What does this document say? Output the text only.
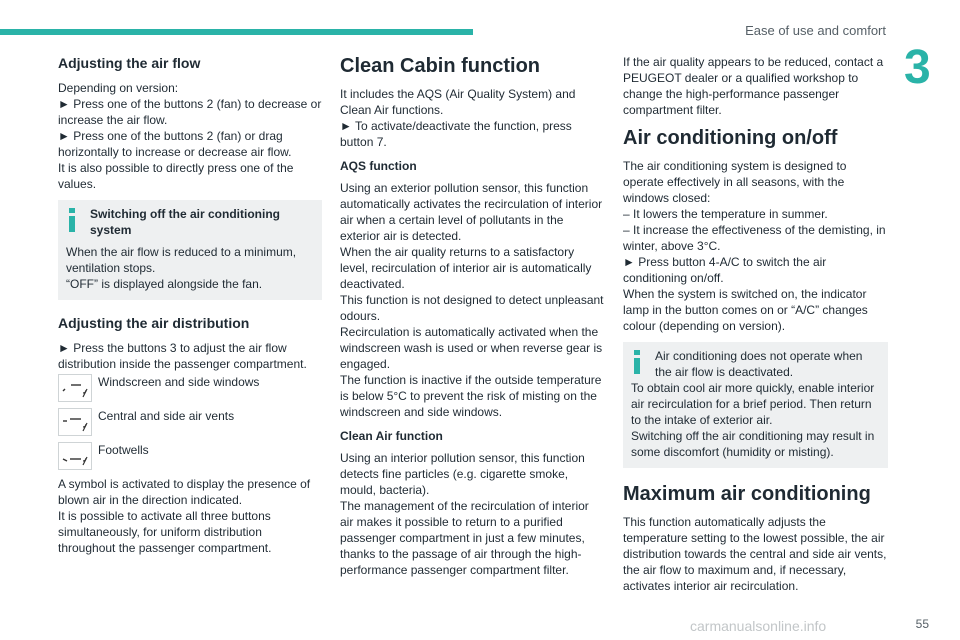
Ease of use and comfort
3
Adjusting the air flow

Depending on version:

► Press one of the buttons 2 (fan) to decrease or increase the air flow.

► Press one of the buttons 2 (fan) or drag horizontally to increase or decrease air flow.

It is also possible to directly press one of the values.

Switching off the air conditioning system

When the air flow is reduced to a minimum, ventilation stops.

“OFF” is displayed alongside the fan.

Adjusting the air distribution

► Press the buttons 3 to adjust the air flow distribution inside the passenger compartment.

Windscreen and side windows
Central and side air vents
Footwells

A symbol is activated to display the presence of blown air in the direction indicated.

It is possible to activate all three buttons simultaneously, for uniform distribution throughout the passenger compartment.

Clean Cabin function

It includes the AQS (Air Quality System) and Clean Air functions.

► To activate/deactivate the function, press button 7.

AQS function

Using an exterior pollution sensor, this function automatically activates the recirculation of interior air when a certain level of pollutants in the exterior air is detected.

When the air quality returns to a satisfactory level, recirculation of interior air is automatically deactivated.

This function is not designed to detect unpleasant odours.

Recirculation is automatically activated when the windscreen wash is used or when reverse gear is engaged.

The function is inactive if the outside temperature is below 5°C to prevent the risk of misting on the windscreen and side windows.

Clean Air function

Using an interior pollution sensor, this function detects fine particles (e.g. cigarette smoke, mould, bacteria).

The management of the recirculation of interior air makes it possible to return to a purified passenger compartment in just a few minutes, thanks to the passage of air through the high-performance passenger compartment filter.

If the air quality appears to be reduced, contact a PEUGEOT dealer or a qualified workshop to change the high-performance passenger compartment filter.

Air conditioning on/off

The air conditioning system is designed to operate effectively in all seasons, with the windows closed:

– It lowers the temperature in summer.

– It increase the effectiveness of the demisting, in winter, above 3°C.

► Press button 4-A/C to switch the air conditioning on/off.

When the system is switched on, the indicator lamp in the button comes on or “A/C” changes colour (depending on version).

Air conditioning does not operate when the air flow is deactivated.

To obtain cool air more quickly, enable interior air recirculation for a brief period. Then return to the intake of exterior air.

Switching off the air conditioning may result in some discomfort (humidity or misting).

Maximum air conditioning

This function automatically adjusts the temperature setting to the lowest possible, the air distribution towards the central and side air vents, the air flow to maximum and, if necessary, activates interior air recirculation.

carmanualsonline.info	55
